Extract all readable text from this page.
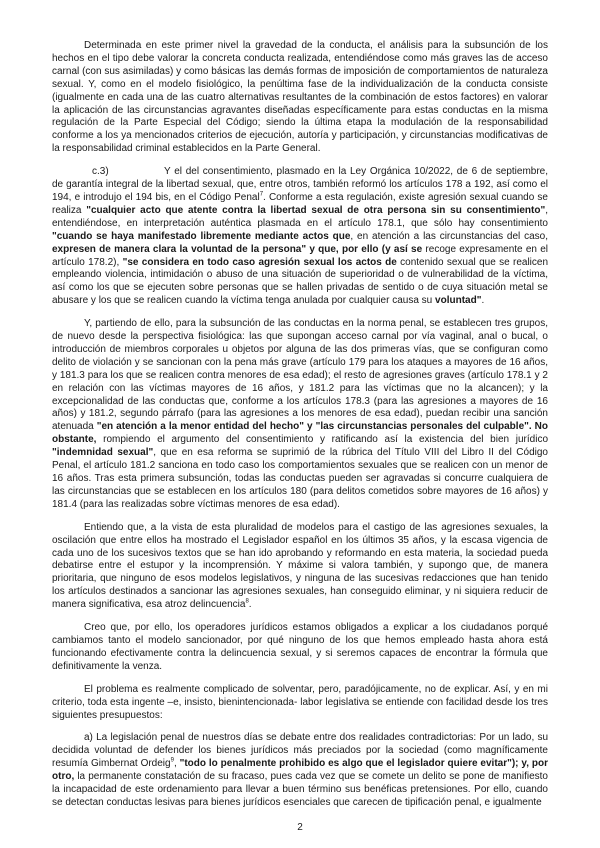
Determinada en este primer nivel la gravedad de la conducta, el análisis para la subsunción de los hechos en el tipo debe valorar la concreta conducta realizada, entendiéndose como más graves las de acceso carnal (con sus asimiladas) y como básicas las demás formas de imposición de comportamientos de naturaleza sexual. Y, como en el modelo fisiológico, la penúltima fase de la individualización de la conducta consiste (igualmente en cada una de las cuatro alternativas resultantes de la combinación de estos factores) en valorar la aplicación de las circunstancias agravantes diseñadas específicamente para estas conductas en la misma regulación de la Parte Especial del Código; siendo la última etapa la modulación de la responsabilidad conforme a los ya mencionados criterios de ejecución, autoría y participación, y circunstancias modificativas de la responsabilidad criminal establecidos en la Parte General.

c.3)	Y el del consentimiento, plasmado en la Ley Orgánica 10/2022, de 6 de septiembre, de garantía integral de la libertad sexual, que, entre otros, también reformó los artículos 178 a 192, así como el 194, e introdujo el 194 bis, en el Código Penal$^7$. Conforme a esta regulación, existe agresión sexual cuando se realiza "cualquier acto que atente contra la libertad sexual de otra persona sin su consentimiento", entendiéndose, en interpretación auténtica plasmada en el artículo 178.1, que sólo hay consentimiento "cuando se haya manifestado libremente mediante actos que, en atención a las circunstancias del caso, expresen de manera clara la voluntad de la persona" y que, por ello (y así se recoge expresamente en el artículo 178.2), "se considera en todo caso agresión sexual los actos de contenido sexual que se realicen empleando violencia, intimidación o abuso de una situación de superioridad o de vulnerabilidad de la víctima, así como los que se ejecuten sobre personas que se hallen privadas de sentido o de cuya situación metal se abusare y los que se realicen cuando la víctima tenga anulada por cualquier causa su voluntad".

Y, partiendo de ello, para la subsunción de las conductas en la norma penal, se establecen tres grupos, de nuevo desde la perspectiva fisiológica: las que supongan acceso carnal por vía vaginal, anal o bucal, o introducción de miembros corporales u objetos por alguna de las dos primeras vías, que se configuran como delito de violación y se sancionan con la pena más grave (artículo 179 para los ataques a mayores de 16 años, y 181.3 para los que se realicen contra menores de esa edad); el resto de agresiones graves (artículo 178.1 y 2 en relación con las víctimas mayores de 16 años, y 181.2 para las víctimas que no la alcancen); y la excepcionalidad de las conductas que, conforme a los artículos 178.3 (para las agresiones a mayores de 16 años) y 181.2, segundo párrafo (para las agresiones a los menores de esa edad), puedan recibir una sanción atenuada "en atención a la menor entidad del hecho" y "las circunstancias personales del culpable". No obstante, rompiendo el argumento del consentimiento y ratificando así la existencia del bien jurídico "indemnidad sexual", que en esa reforma se suprimió de la rúbrica del Título VIII del Libro II del Código Penal, el artículo 181.2 sanciona en todo caso los comportamientos sexuales que se realicen con un menor de 16 años. Tras esta primera subsunción, todas las conductas pueden ser agravadas si concurre cualquiera de las circunstancias que se establecen en los artículos 180 (para delitos cometidos sobre mayores de 16 años) y 181.4 (para las realizadas sobre víctimas menores de esa edad).

Entiendo que, a la vista de esta pluralidad de modelos para el castigo de las agresiones sexuales, la oscilación que entre ellos ha mostrado el Legislador español en los últimos 35 años, y la escasa vigencia de cada uno de los sucesivos textos que se han ido aprobando y reformando en esta materia, la sociedad pueda debatirse entre el estupor y la incomprensión. Y máxime si valora también, y supongo que, de manera prioritaria, que ninguno de esos modelos legislativos, y ninguna de las sucesivas redacciones que han tenido los artículos destinados a sancionar las agresiones sexuales, han conseguido eliminar, y ni siquiera reducir de manera significativa, esa atroz delincuencia$^8$.

Creo que, por ello, los operadores jurídicos estamos obligados a explicar a los ciudadanos porqué cambiamos tanto el modelo sancionador, por qué ninguno de los que hemos empleado hasta ahora está funcionando efectivamente contra la delincuencia sexual, y si seremos capaces de encontrar la fórmula que definitivamente la venza.

El problema es realmente complicado de solventar, pero, paradójicamente, no de explicar. Así, y en mi criterio, toda esta ingente –e, insisto, bienintencionada- labor legislativa se entiende con facilidad desde los tres siguientes presupuestos:

a) La legislación penal de nuestros días se debate entre dos realidades contradictorias: Por un lado, su decidida voluntad de defender los bienes jurídicos más preciados por la sociedad (como magníficamente resumía Gimbernat Ordeig$^9$, "todo lo penalmente prohibido es algo que el legislador quiere evitar"); y, por otro, la permanente constatación de su fracaso, pues cada vez que se comete un delito se pone de manifiesto la incapacidad de este ordenamiento para llevar a buen término sus benéficas pretensiones. Por ello, cuando se detectan conductas lesivas para bienes jurídicos esenciales que carecen de tipificación penal, e igualmente

2
